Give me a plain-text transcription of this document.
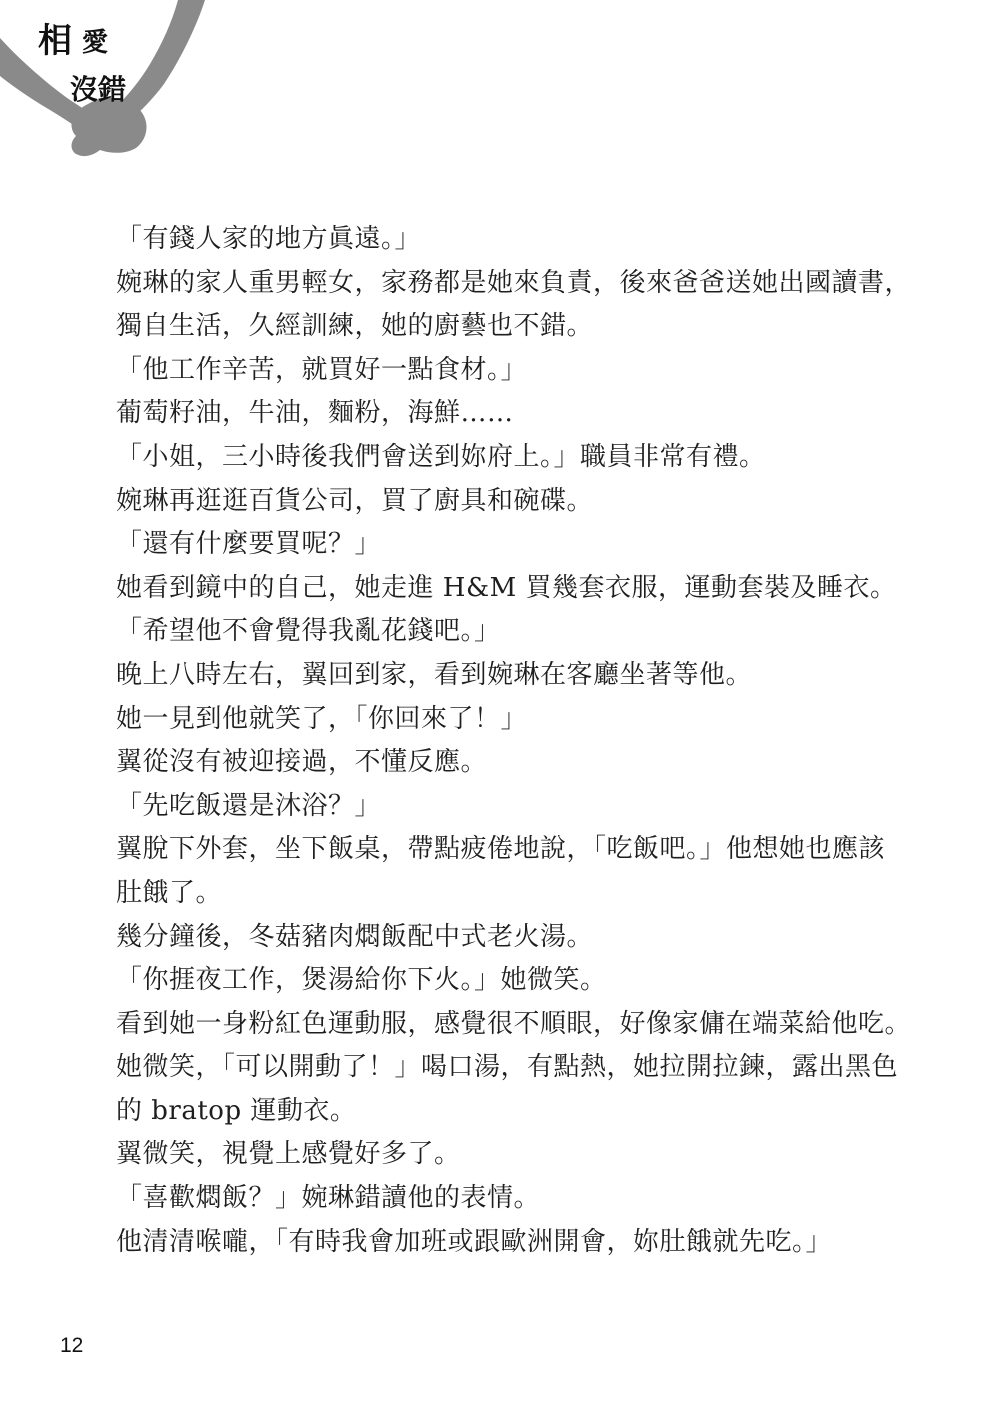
相 愛
沒 錯
「有錢人家的地方眞遠。」
婉琳的家人重男輕女，家務都是她來負責，後來爸爸送她出國讀書，
獨自生活，久經訓練，她的廚藝也不錯。
「他工作辛苦，就買好一點食材。」
葡萄籽油，牛油，麵粉，海鮮……
「小姐，三小時後我們會送到妳府上。」職員非常有禮。
婉琳再逛逛百貨公司，買了廚具和碗碟。
「還有什麼要買呢？」
她看到鏡中的自己，她走進 H&M 買幾套衣服，運動套裝及睡衣。
「希望他不會覺得我亂花錢吧。」
晚上八時左右，翼回到家，看到婉琳在客廳坐著等他。
她一見到他就笑了，「你回來了！」
翼從沒有被迎接過，不懂反應。
「先吃飯還是沐浴？」
翼脫下外套，坐下飯桌，帶點疲倦地說，「吃飯吧。」他想她也應該
肚餓了。
幾分鐘後，冬菇豬肉燜飯配中式老火湯。
「你捱夜工作，煲湯給你下火。」她微笑。
看到她一身粉紅色運動服，感覺很不順眼，好像家傭在端菜給他吃。
她微笑，「可以開動了！」喝口湯，有點熱，她拉開拉鍊，露出黑色
的 bratop 運動衣。
翼微笑，視覺上感覺好多了。
「喜歡燜飯？」婉琳錯讀他的表情。
他清清喉嚨，「有時我會加班或跟歐洲開會，妳肚餓就先吃。」
12
